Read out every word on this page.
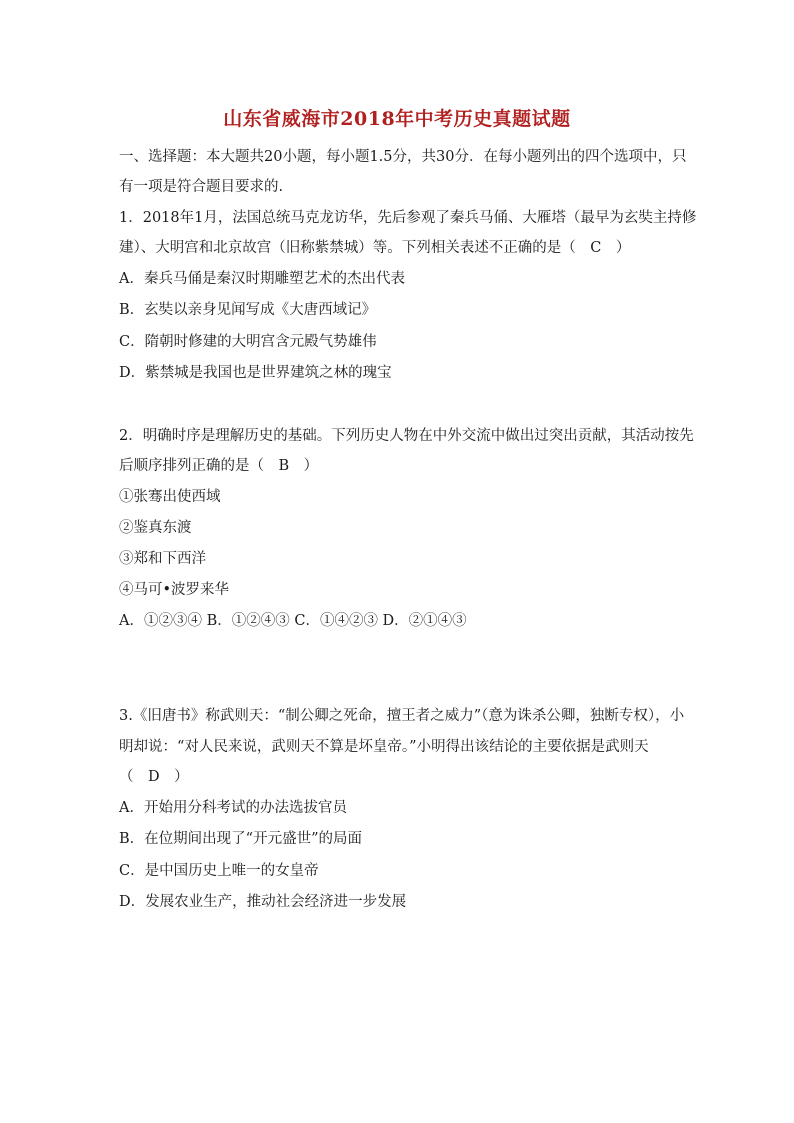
山东省威海市2018年中考历史真题试题
一、选择题：本大题共20小题，每小题1.5分，共30分．在每小题列出的四个选项中，只
有一项是符合题目要求的.
1．2018年1月，法国总统马克龙访华，先后参观了秦兵马俑、大雁塔（最早为玄奘主持修
建）、大明宫和北京故宫（旧称紫禁城）等。下列相关表述不正确的是（　C　）
A．秦兵马俑是秦汉时期雕塑艺术的杰出代表
B．玄奘以亲身见闻写成《大唐西域记》
C．隋朝时修建的大明宫含元殿气势雄伟
D．紫禁城是我国也是世界建筑之林的瑰宝
2．明确时序是理解历史的基础。下列历史人物在中外交流中做出过突出贡献，其活动按先
后顺序排列正确的是（　B　）
①张骞出使西域
②鉴真东渡
③郑和下西洋
④马可•波罗来华
A．①②③④ B．①②④③ C．①④②③ D．②①④③
3.《旧唐书》称武则天：“制公卿之死命，擅王者之威力”（意为诛杀公卿，独断专权），小
明却说：“对人民来说，武则天不算是坏皇帝。”小明得出该结论的主要依据是武则天
（　D　）
A．开始用分科考试的办法选拔官员
B．在位期间出现了“开元盛世”的局面
C．是中国历史上唯一的女皇帝
D．发展农业生产，推动社会经济进一步发展
